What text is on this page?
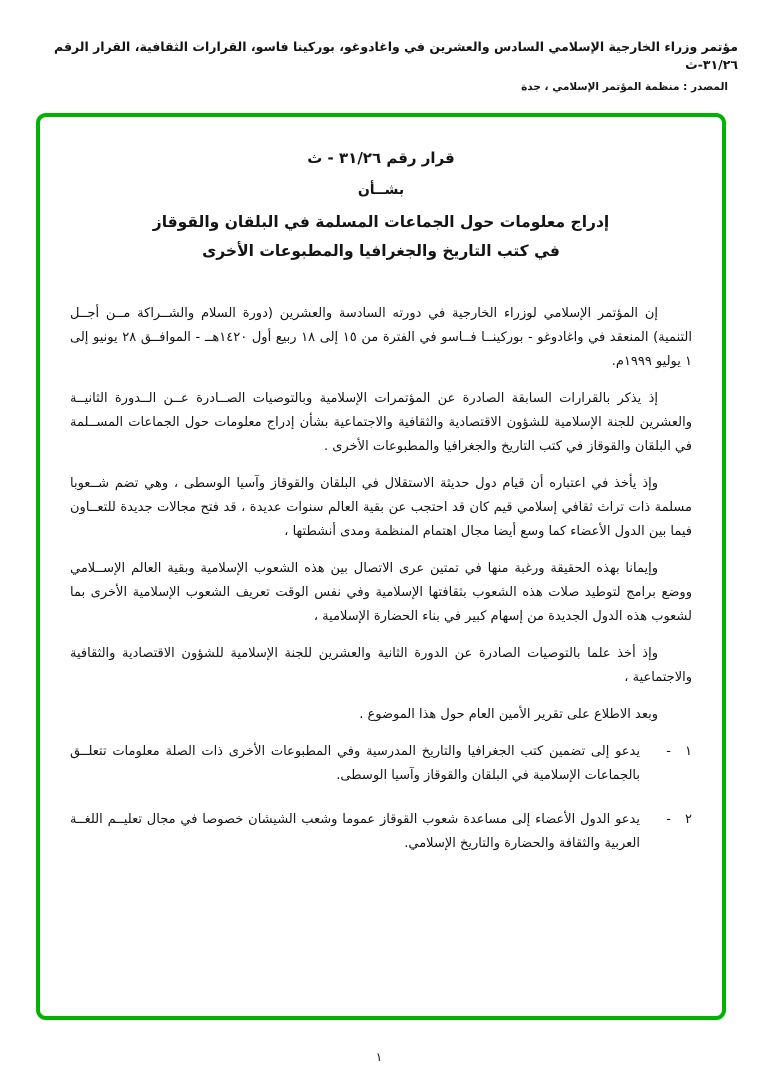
مؤتمر وزراء الخارجية الإسلامي السادس والعشرين في واغادوغو، بوركينا فاسو، القرارات الثقافية، القرار الرقم ٣١/٢٦-ث
المصدر : منظمة المؤتمر الإسلامي ، جدة
قرار رقم ٣١/٢٦ - ث
بشــأن
إدراج معلومات حول الجماعات المسلمة في البلقان والقوقاز
في كتب التاريخ والجغرافيا والمطبوعات الأخرى

إن المؤتمر الإسلامي لوزراء الخارجية في دورته السادسة والعشرين (دورة السلام والشــراكة مــن أجــل التنمية) المنعقد في واغادوغو - بوركينــا فــاسو في الفترة من ١٥ إلى ١٨ ربيع أول ١٤٢٠هــ - الموافــق ٢٨ يونيو إلى ١ يوليو ١٩٩٩م.

إذ يذكر بالقرارات السابقة الصادرة عن المؤتمرات الإسلامية وبالتوصيات الصــادرة عــن الــدورة الثانيــة والعشرين للجنة الإسلامية للشؤون الاقتصادية والثقافية والاجتماعية بشأن إدراج معلومات حول الجماعات المســلمة في البلقان والقوقاز في كتب التاريخ والجغرافيا والمطبوعات الأخرى .

وإذ يأخذ في اعتباره أن قيام دول حديثة الاستقلال في البلقان والقوقاز وآسيا الوسطى ، وهي تضم شــعوبا مسلمة ذات تراث ثقافي إسلامي قيم كان قد احتجب عن بقية العالم سنوات عديدة ، قد فتح مجالات جديدة للتعــاون فيما بين الدول الأعضاء كما وسع أيضا مجال اهتمام المنظمة ومدى أنشطتها ،

وإيمانا بهذه الحقيقة ورغبة منها في تمتين عرى الاتصال بين هذه الشعوب الإسلامية وبقية العالم الإســلامي ووضع برامج لتوطيد صلات هذه الشعوب بثقافتها الإسلامية وفي نفس الوقت تعريف الشعوب الإسلامية الأخرى بما لشعوب هذه الدول الجديدة من إسهام كبير في بناء الحضارة الإسلامية ،

وإذ أخذ علما بالتوصيات الصادرة عن الدورة الثانية والعشرين للجنة الإسلامية للشؤون الاقتصادية والثقافية والاجتماعية ،

وبعد الاطلاع على تقرير الأمين العام حول هذا الموضوع .

١ -
يدعو إلى تضمين كتب الجغرافيا والتاريخ المدرسية وفي المطبوعات الأخرى ذات الصلة معلومات تتعلــق بالجماعات الإسلامية في البلقان والقوقاز وآسيا الوسطى.
٢ -
يدعو الدول الأعضاء إلى مساعدة شعوب القوقاز عموما وشعب الشيشان خصوصا في مجال تعليــم اللغــة العربية والثقافة والحضارة والتاريخ الإسلامي.
١
